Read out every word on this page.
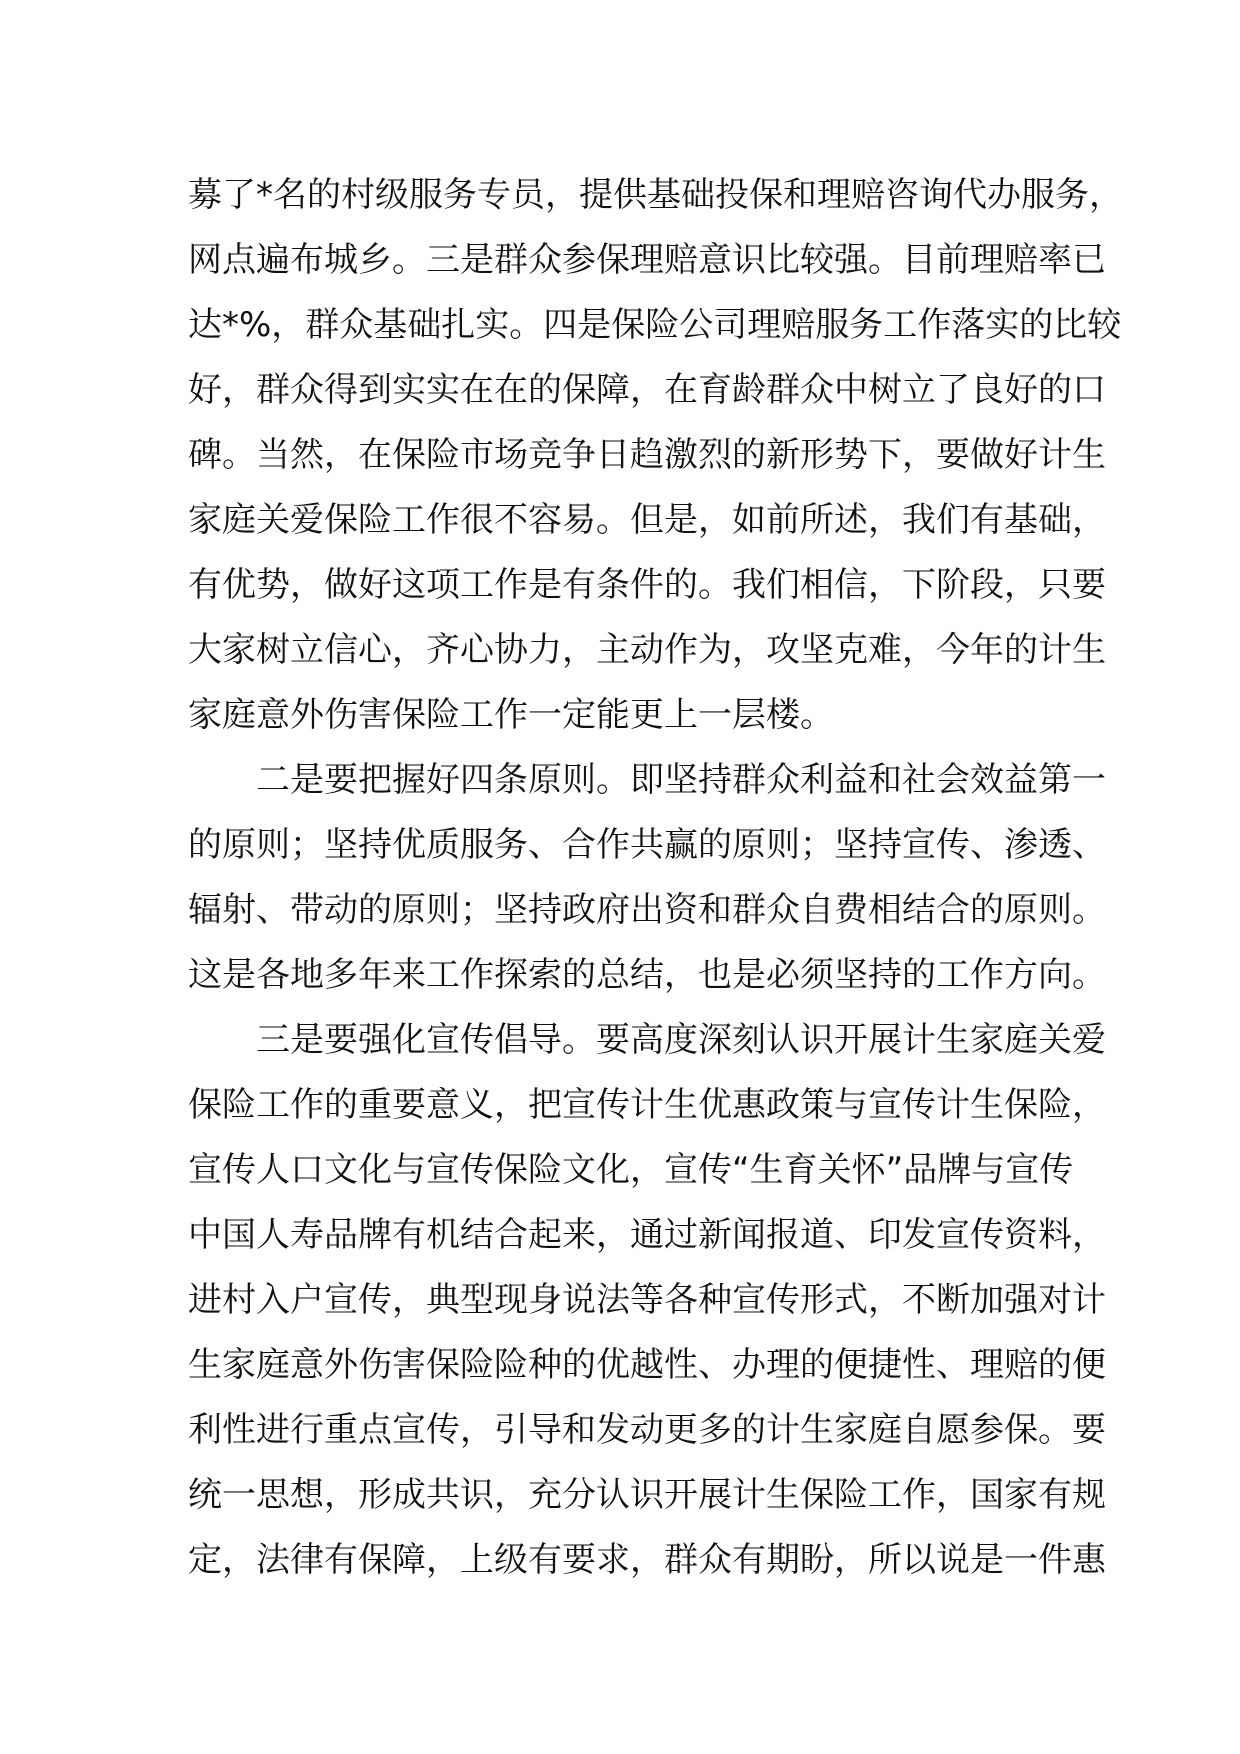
募了*名的村级服务专员，提供基础投保和理赔咨询代办服务，
网点遍布城乡。三是群众参保理赔意识比较强。目前理赔率已
达*%，群众基础扎实。四是保险公司理赔服务工作落实的比较
好，群众得到实实在在的保障，在育龄群众中树立了良好的口
碑。当然，在保险市场竞争日趋激烈的新形势下，要做好计生
家庭关爱保险工作很不容易。但是，如前所述，我们有基础，
有优势，做好这项工作是有条件的。我们相信，下阶段，只要
大家树立信心，齐心协力，主动作为，攻坚克难，今年的计生
家庭意外伤害保险工作一定能更上一层楼。
二是要把握好四条原则。即坚持群众利益和社会效益第一
的原则；坚持优质服务、合作共赢的原则；坚持宣传、渗透、
辐射、带动的原则；坚持政府出资和群众自费相结合的原则。
这是各地多年来工作探索的总结，也是必须坚持的工作方向。
三是要强化宣传倡导。要高度深刻认识开展计生家庭关爱
保险工作的重要意义，把宣传计生优惠政策与宣传计生保险，
宣传人口文化与宣传保险文化，宣传“生育关怀”品牌与宣传
中国人寿品牌有机结合起来，通过新闻报道、印发宣传资料，
进村入户宣传，典型现身说法等各种宣传形式，不断加强对计
生家庭意外伤害保险险种的优越性、办理的便捷性、理赔的便
利性进行重点宣传，引导和发动更多的计生家庭自愿参保。要
统一思想，形成共识，充分认识开展计生保险工作，国家有规
定，法律有保障，上级有要求，群众有期盼，所以说是一件惠
